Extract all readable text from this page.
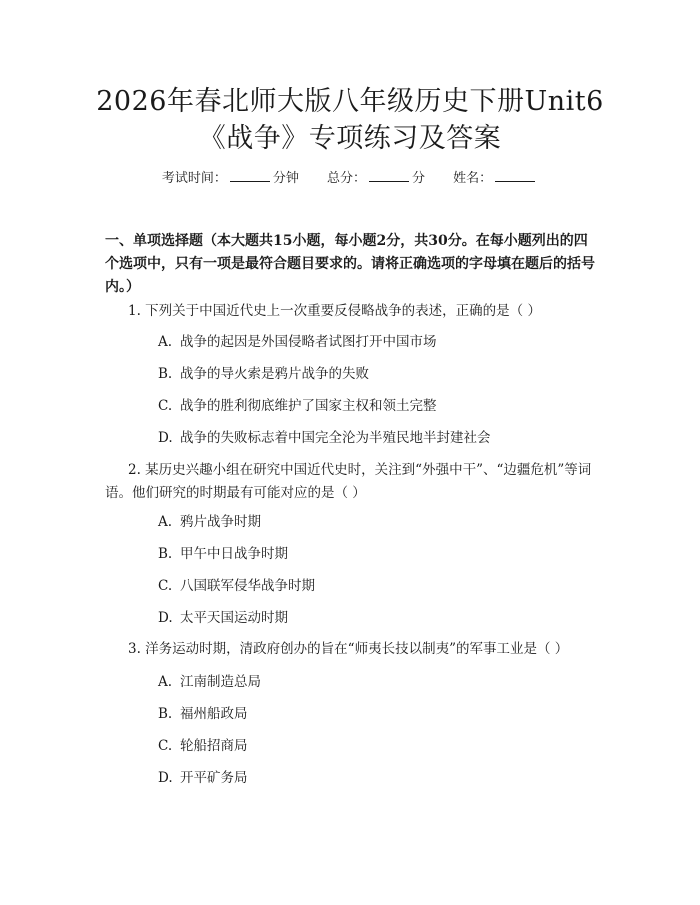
2026年春北师大版八年级历史下册Unit6
《战争》专项练习及答案
考试时间：	分钟 总分：	分 姓名：
一、单项选择题（本大题共15小题，每小题2分，共30分。在每小题列出的四个选项中，只有一项是最符合题目要求的。请将正确选项的字母填在题后的括号内。）
1. 下列关于中国近代史上一次重要反侵略战争的表述，正确的是（ ）
A. 战争的起因是外国侵略者试图打开中国市场
B. 战争的导火索是鸦片战争的失败
C. 战争的胜利彻底维护了国家主权和领土完整
D. 战争的失败标志着中国完全沦为半殖民地半封建社会
2. 某历史兴趣小组在研究中国近代史时，关注到“外强中干”、“边疆危机”等词语。他们研究的时期最有可能对应的是（ ）
A. 鸦片战争时期
B. 甲午中日战争时期
C. 八国联军侵华战争时期
D. 太平天国运动时期
3. 洋务运动时期，清政府创办的旨在“师夷长技以制夷”的军事工业是（ ）
A. 江南制造总局
B. 福州船政局
C. 轮船招商局
D. 开平矿务局
